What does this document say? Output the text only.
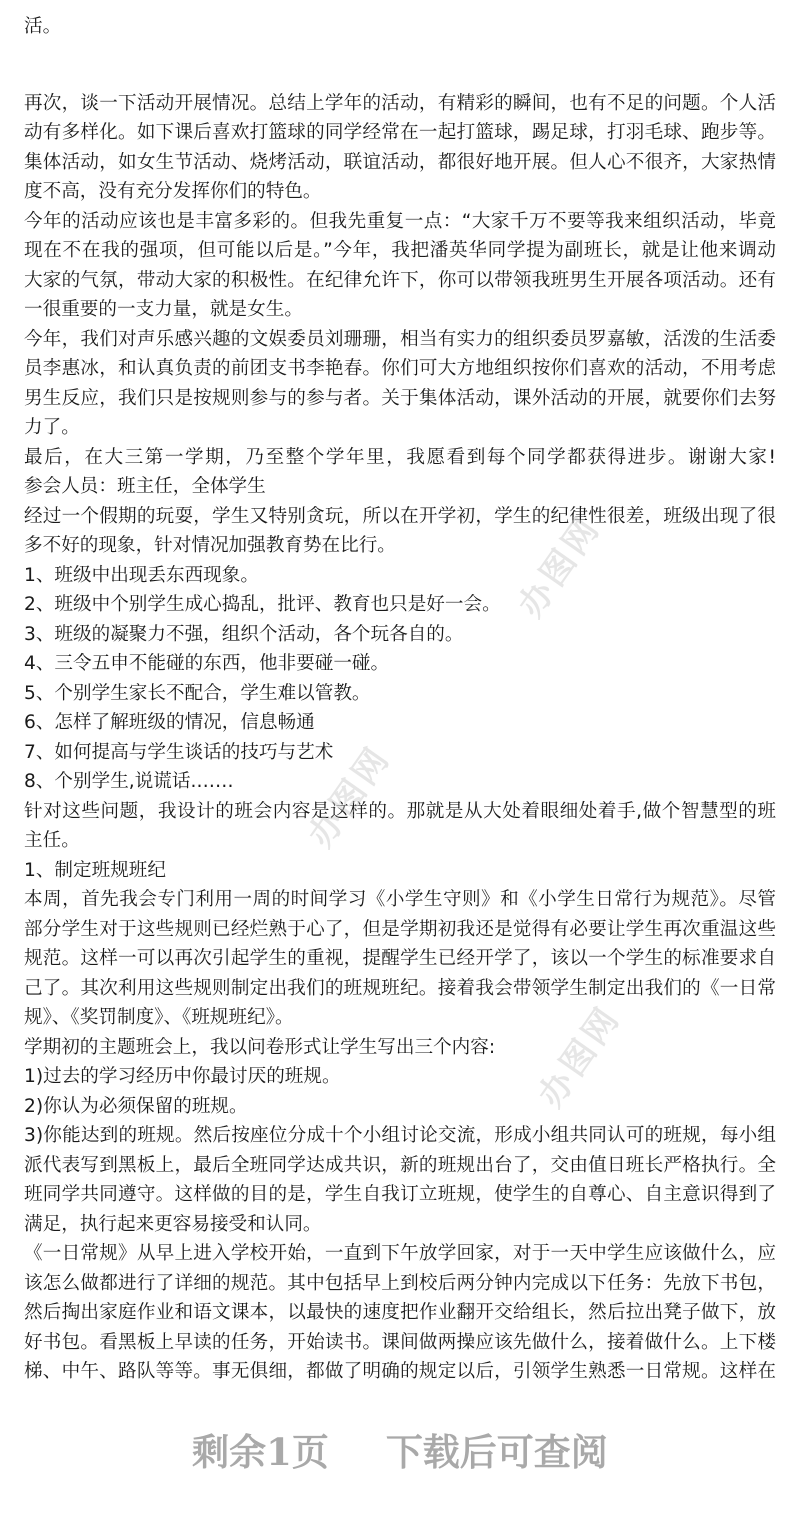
活。
再次，谈一下活动开展情况。总结上学年的活动，有精彩的瞬间，也有不足的问题。个人活
动有多样化。如下课后喜欢打篮球的同学经常在一起打篮球，踢足球，打羽毛球、跑步等。
集体活动，如女生节活动、烧烤活动，联谊活动，都很好地开展。但人心不很齐，大家热情
度不高，没有充分发挥你们的特色。
今年的活动应该也是丰富多彩的。但我先重复一点：“大家千万不要等我来组织活动，毕竟
现在不在我的强项，但可能以后是。”今年，我把潘英华同学提为副班长，就是让他来调动
大家的气氛，带动大家的积极性。在纪律允许下，你可以带领我班男生开展各项活动。还有
一很重要的一支力量，就是女生。
今年，我们对声乐感兴趣的文娱委员刘珊珊，相当有实力的组织委员罗嘉敏，活泼的生活委
员李惠冰，和认真负责的前团支书李艳春。你们可大方地组织按你们喜欢的活动，不用考虑
男生反应，我们只是按规则参与的参与者。关于集体活动，课外活动的开展，就要你们去努
力了。
最后，在大三第一学期，乃至整个学年里，我愿看到每个同学都获得进步。谢谢大家!
参会人员：班主任，全体学生
经过一个假期的玩耍，学生又特别贪玩，所以在开学初，学生的纪律性很差，班级出现了很
多不好的现象，针对情况加强教育势在比行。
1、班级中出现丢东西现象。
2、班级中个别学生成心捣乱，批评、教育也只是好一会。
3、班级的凝聚力不强，组织个活动，各个玩各自的。
4、三令五申不能碰的东西，他非要碰一碰。
5、个别学生家长不配合，学生难以管教。
6、怎样了解班级的情况，信息畅通
7、如何提高与学生谈话的技巧与艺术
8、个别学生,说谎话.……
针对这些问题，我设计的班会内容是这样的。那就是从大处着眼细处着手,做个智慧型的班
主任。
1、制定班规班纪
本周，首先我会专门利用一周的时间学习《小学生守则》和《小学生日常行为规范》。尽管
部分学生对于这些规则已经烂熟于心了，但是学期初我还是觉得有必要让学生再次重温这些
规范。这样一可以再次引起学生的重视，提醒学生已经开学了，该以一个学生的标准要求自
己了。其次利用这些规则制定出我们的班规班纪。接着我会带领学生制定出我们的《一日常
规》、《奖罚制度》、《班规班纪》。
学期初的主题班会上，我以问卷形式让学生写出三个内容:
1)过去的学习经历中你最讨厌的班规。
2)你认为必须保留的班规。
3)你能达到的班规。然后按座位分成十个小组讨论交流，形成小组共同认可的班规，每小组
派代表写到黑板上，最后全班同学达成共识，新的班规出台了，交由值日班长严格执行。全
班同学共同遵守。这样做的目的是，学生自我订立班规，使学生的自尊心、自主意识得到了
满足，执行起来更容易接受和认同。
《一日常规》从早上进入学校开始，一直到下午放学回家，对于一天中学生应该做什么，应
该怎么做都进行了详细的规范。其中包括早上到校后两分钟内完成以下任务：先放下书包，
然后掏出家庭作业和语文课本，以最快的速度把作业翻开交给组长，然后拉出凳子做下，放
好书包。看黑板上早读的任务，开始读书。课间做两操应该先做什么，接着做什么。上下楼
梯、中午、路队等等。事无俱细，都做了明确的规定以后，引领学生熟悉一日常规。这样在
办图网
办图网
办图网
剩余1页 下载后可查阅
